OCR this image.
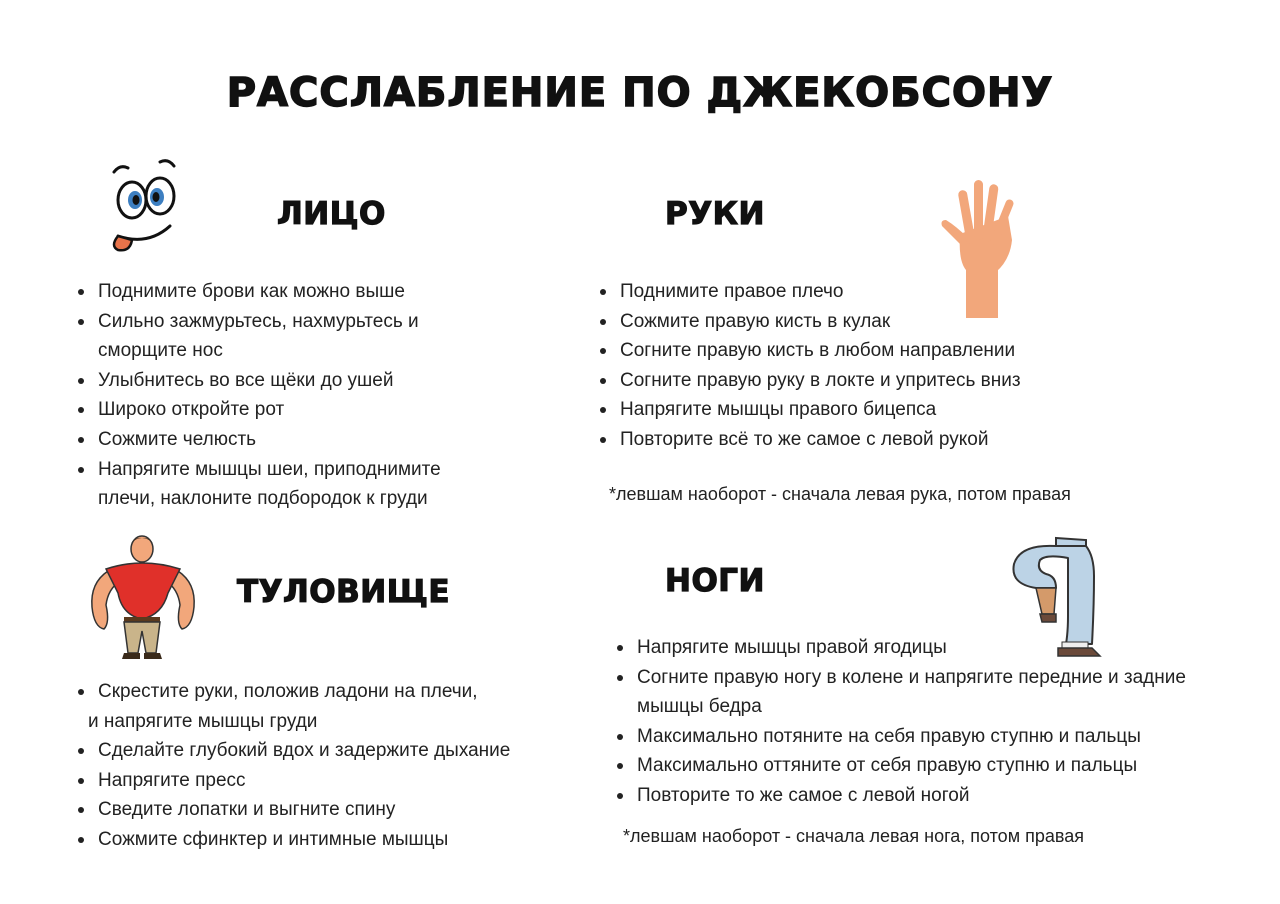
РАССЛАБЛЕНИЕ ПО ДЖЕКОБСОНУ
ЛИЦО
Поднимите брови как можно выше
Сильно зажмурьтесь, нахмурьтесь и сморщите нос
Улыбнитесь во все щёки до ушей
Широко откройте рот
Сожмите челюсть
Напрягите мышцы шеи, приподнимите плечи, наклоните подбородок к груди
РУКИ
Поднимите правое плечо
Сожмите правую кисть в кулак
Согните правую кисть в любом направлении
Согните правую руку в локте и упритесь вниз
Напрягите мышцы правого бицепса
Повторите всё то же самое с левой рукой
*левшам наоборот - сначала левая рука, потом правая
ТУЛОВИЩЕ
Скрестите руки, положив ладони на плечи,
и напрягите мышцы груди
Сделайте глубокий вдох и задержите дыхание
Напрягите пресс
Сведите лопатки и выгните спину
Сожмите сфинктер и интимные мышцы
НОГИ
Напрягите мышцы правой ягодицы
Согните правую ногу в колене и напрягите передние и задние мышцы бедра
Максимально потяните на себя правую ступню и пальцы
Максимально оттяните от себя правую ступню и пальцы
Повторите то же самое с левой ногой
*левшам наоборот - сначала левая нога, потом правая
